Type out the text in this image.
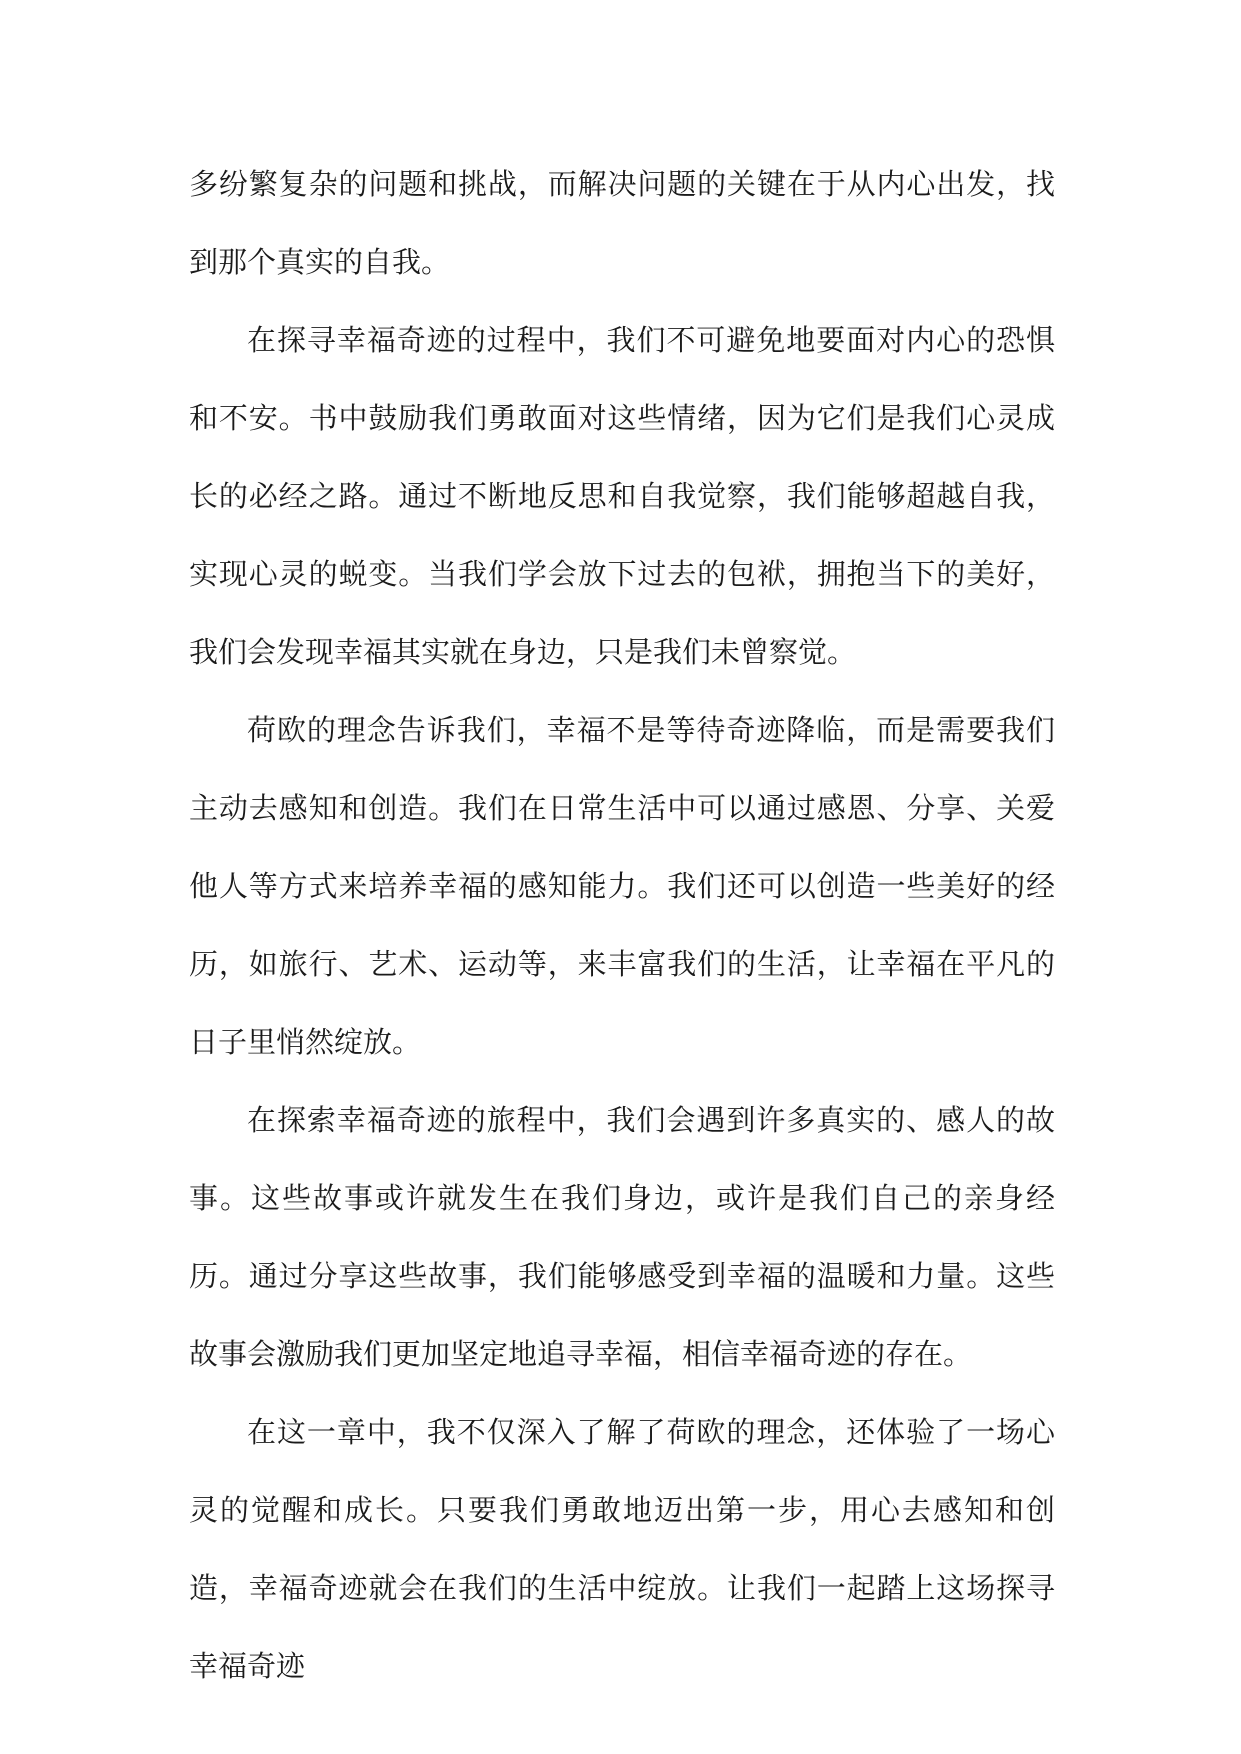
多纷繁复杂的问题和挑战，而解决问题的关键在于从内心出发，找到那个真实的自我。

在探寻幸福奇迹的过程中，我们不可避免地要面对内心的恐惧和不安。书中鼓励我们勇敢面对这些情绪，因为它们是我们心灵成长的必经之路。通过不断地反思和自我觉察，我们能够超越自我，实现心灵的蜕变。当我们学会放下过去的包袱，拥抱当下的美好，我们会发现幸福其实就在身边，只是我们未曾察觉。

荷欧的理念告诉我们，幸福不是等待奇迹降临，而是需要我们主动去感知和创造。我们在日常生活中可以通过感恩、分享、关爱他人等方式来培养幸福的感知能力。我们还可以创造一些美好的经历，如旅行、艺术、运动等，来丰富我们的生活，让幸福在平凡的日子里悄然绽放。

在探索幸福奇迹的旅程中，我们会遇到许多真实的、感人的故事。这些故事或许就发生在我们身边，或许是我们自己的亲身经历。通过分享这些故事，我们能够感受到幸福的温暖和力量。这些故事会激励我们更加坚定地追寻幸福，相信幸福奇迹的存在。

在这一章中，我不仅深入了解了荷欧的理念，还体验了一场心灵的觉醒和成长。只要我们勇敢地迈出第一步，用心去感知和创造，幸福奇迹就会在我们的生活中绽放。让我们一起踏上这场探寻幸福奇迹
